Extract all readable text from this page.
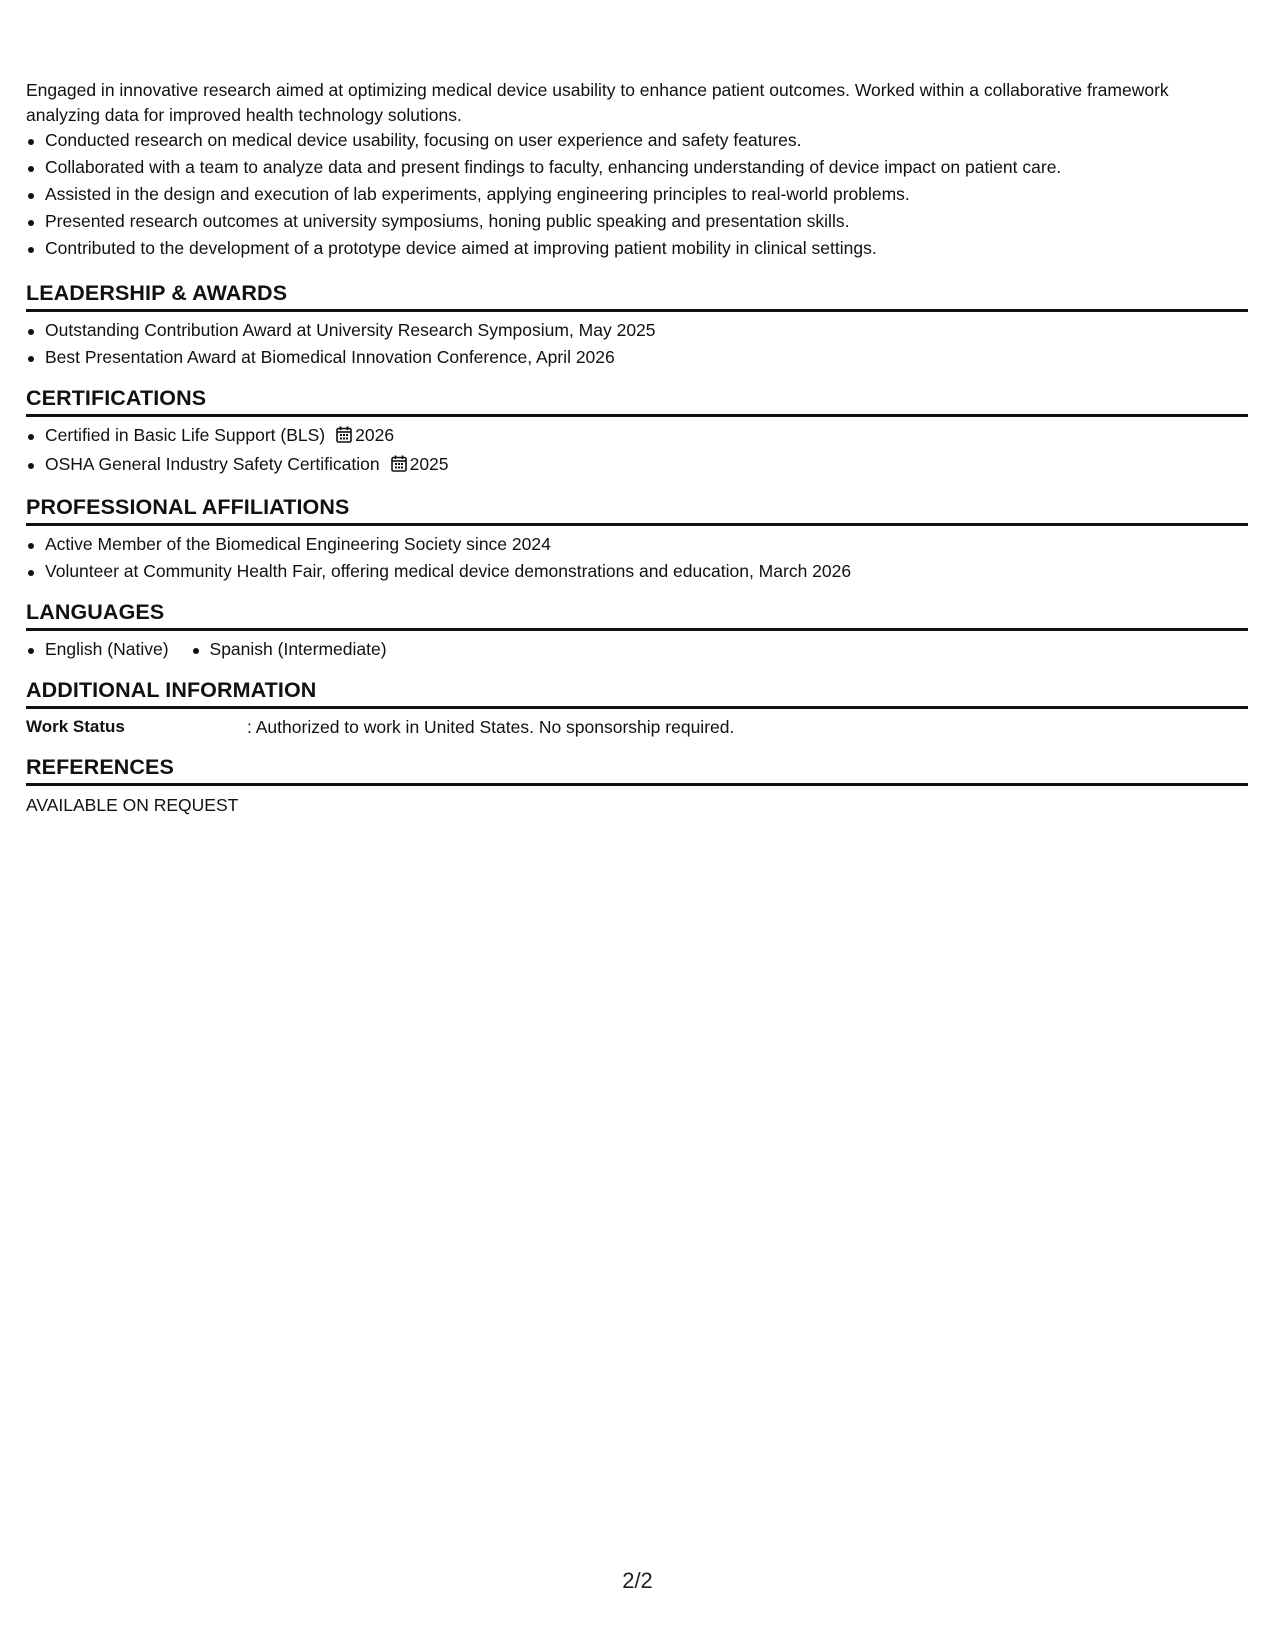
Engaged in innovative research aimed at optimizing medical device usability to enhance patient outcomes. Worked within a collaborative framework analyzing data for improved health technology solutions.

Conducted research on medical device usability, focusing on user experience and safety features.
Collaborated with a team to analyze data and present findings to faculty, enhancing understanding of device impact on patient care.
Assisted in the design and execution of lab experiments, applying engineering principles to real-world problems.
Presented research outcomes at university symposiums, honing public speaking and presentation skills.
Contributed to the development of a prototype device aimed at improving patient mobility in clinical settings.
LEADERSHIP & AWARDS
Outstanding Contribution Award at University Research Symposium, May 2025
Best Presentation Award at Biomedical Innovation Conference, April 2026
CERTIFICATIONS
Certified in Basic Life Support (BLS) 2026
OSHA General Industry Safety Certification 2025
PROFESSIONAL AFFILIATIONS
Active Member of the Biomedical Engineering Society since 2024
Volunteer at Community Health Fair, offering medical device demonstrations and education, March 2026
LANGUAGES
English (Native)	Spanish (Intermediate)
ADDITIONAL INFORMATION
Work Status	: Authorized to work in United States. No sponsorship required.
REFERENCES
AVAILABLE ON REQUEST
2/2
